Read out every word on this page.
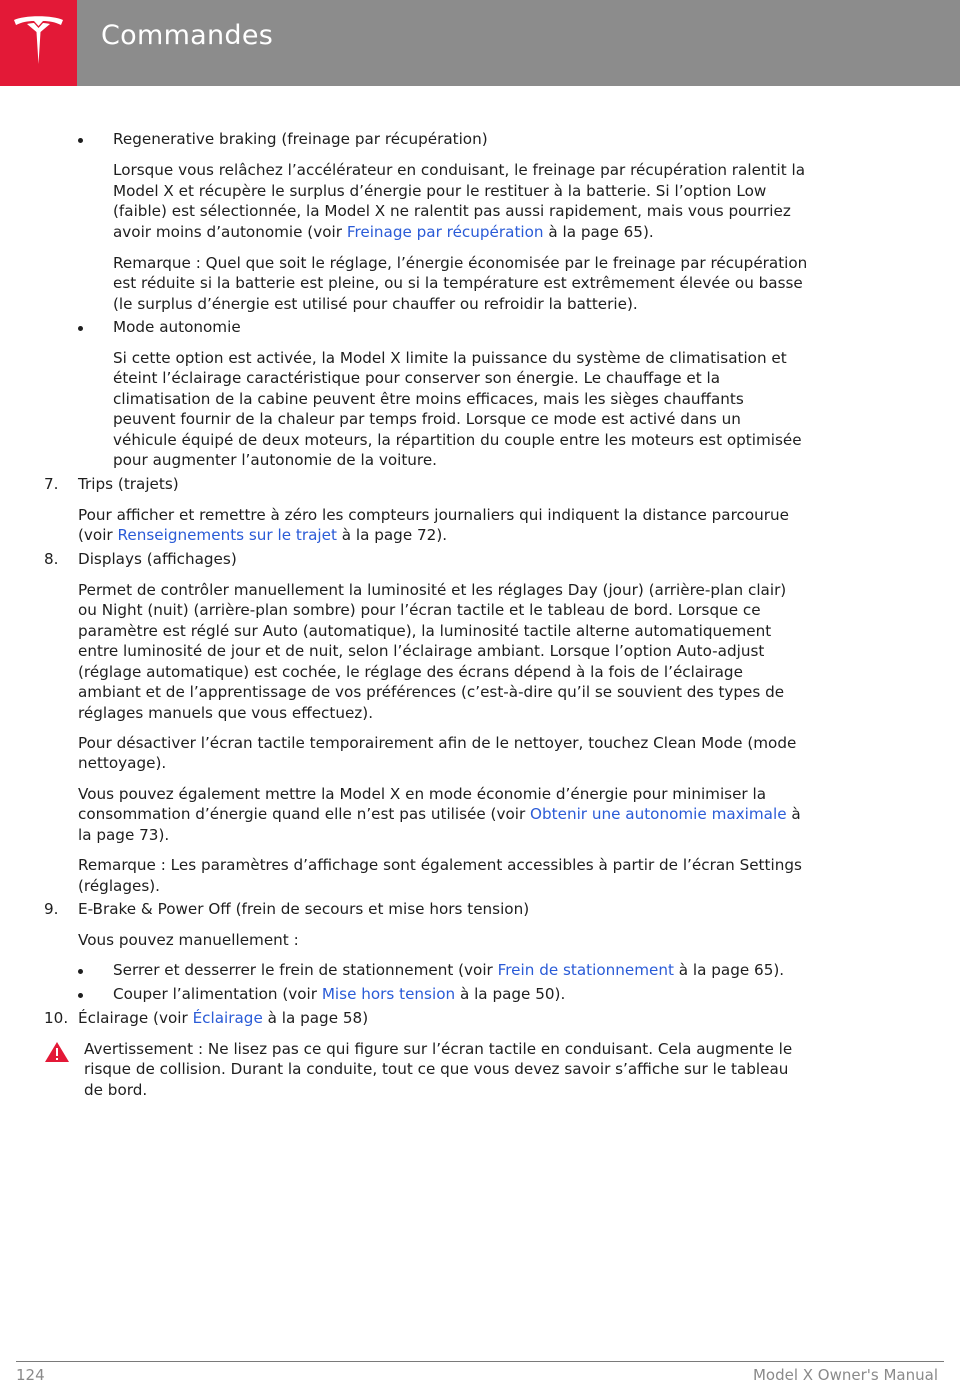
Commandes

Regenerative braking (freinage par récupération)

Lorsque vous relâchez l’accélérateur en conduisant, le freinage par récupération ralentit la

Model X et récupère le surplus d’énergie pour le restituer à la batterie. Si l’option Low

(faible) est sélectionnée, la Model X ne ralentit pas aussi rapidement, mais vous pourriez

avoir moins d’autonomie (voir Freinage par récupération à la page 65).

Remarque : Quel que soit le réglage, l’énergie économisée par le freinage par récupération

est réduite si la batterie est pleine, ou si la température est extrêmement élevée ou basse

(le surplus d’énergie est utilisé pour chauffer ou refroidir la batterie).

Mode autonomie

Si cette option est activée, la Model X limite la puissance du système de climatisation et

éteint l’éclairage caractéristique pour conserver son énergie. Le chauffage et la

climatisation de la cabine peuvent être moins efficaces, mais les sièges chauffants

peuvent fournir de la chaleur par temps froid. Lorsque ce mode est activé dans un

véhicule équipé de deux moteurs, la répartition du couple entre les moteurs est optimisée

pour augmenter l’autonomie de la voiture.

7. Trips (trajets)

Pour afficher et remettre à zéro les compteurs journaliers qui indiquent la distance parcourue

(voir Renseignements sur le trajet à la page 72).

8. Displays (affichages)

Permet de contrôler manuellement la luminosité et les réglages Day (jour) (arrière-plan clair)

ou Night (nuit) (arrière-plan sombre) pour l’écran tactile et le tableau de bord. Lorsque ce

paramètre est réglé sur Auto (automatique), la luminosité tactile alterne automatiquement

entre luminosité de jour et de nuit, selon l’éclairage ambiant. Lorsque l’option Auto-adjust

(réglage automatique) est cochée, le réglage des écrans dépend à la fois de l’éclairage

ambiant et de l’apprentissage de vos préférences (c’est-à-dire qu’il se souvient des types de

réglages manuels que vous effectuez).

Pour désactiver l’écran tactile temporairement afin de le nettoyer, touchez Clean Mode (mode

nettoyage).

Vous pouvez également mettre la Model X en mode économie d’énergie pour minimiser la

consommation d’énergie quand elle n’est pas utilisée (voir Obtenir une autonomie maximale à

la page 73).

Remarque : Les paramètres d’affichage sont également accessibles à partir de l’écran Settings

(réglages).

9. E-Brake & Power Off (frein de secours et mise hors tension)

Vous pouvez manuellement :

Serrer et desserrer le frein de stationnement (voir Frein de stationnement à la page 65).

Couper l’alimentation (voir Mise hors tension à la page 50).

10. Éclairage (voir Éclairage à la page 58)

Avertissement : Ne lisez pas ce qui figure sur l’écran tactile en conduisant. Cela augmente le

risque de collision. Durant la conduite, tout ce que vous devez savoir s’affiche sur le tableau

de bord.

124	Model X Owner's Manual
